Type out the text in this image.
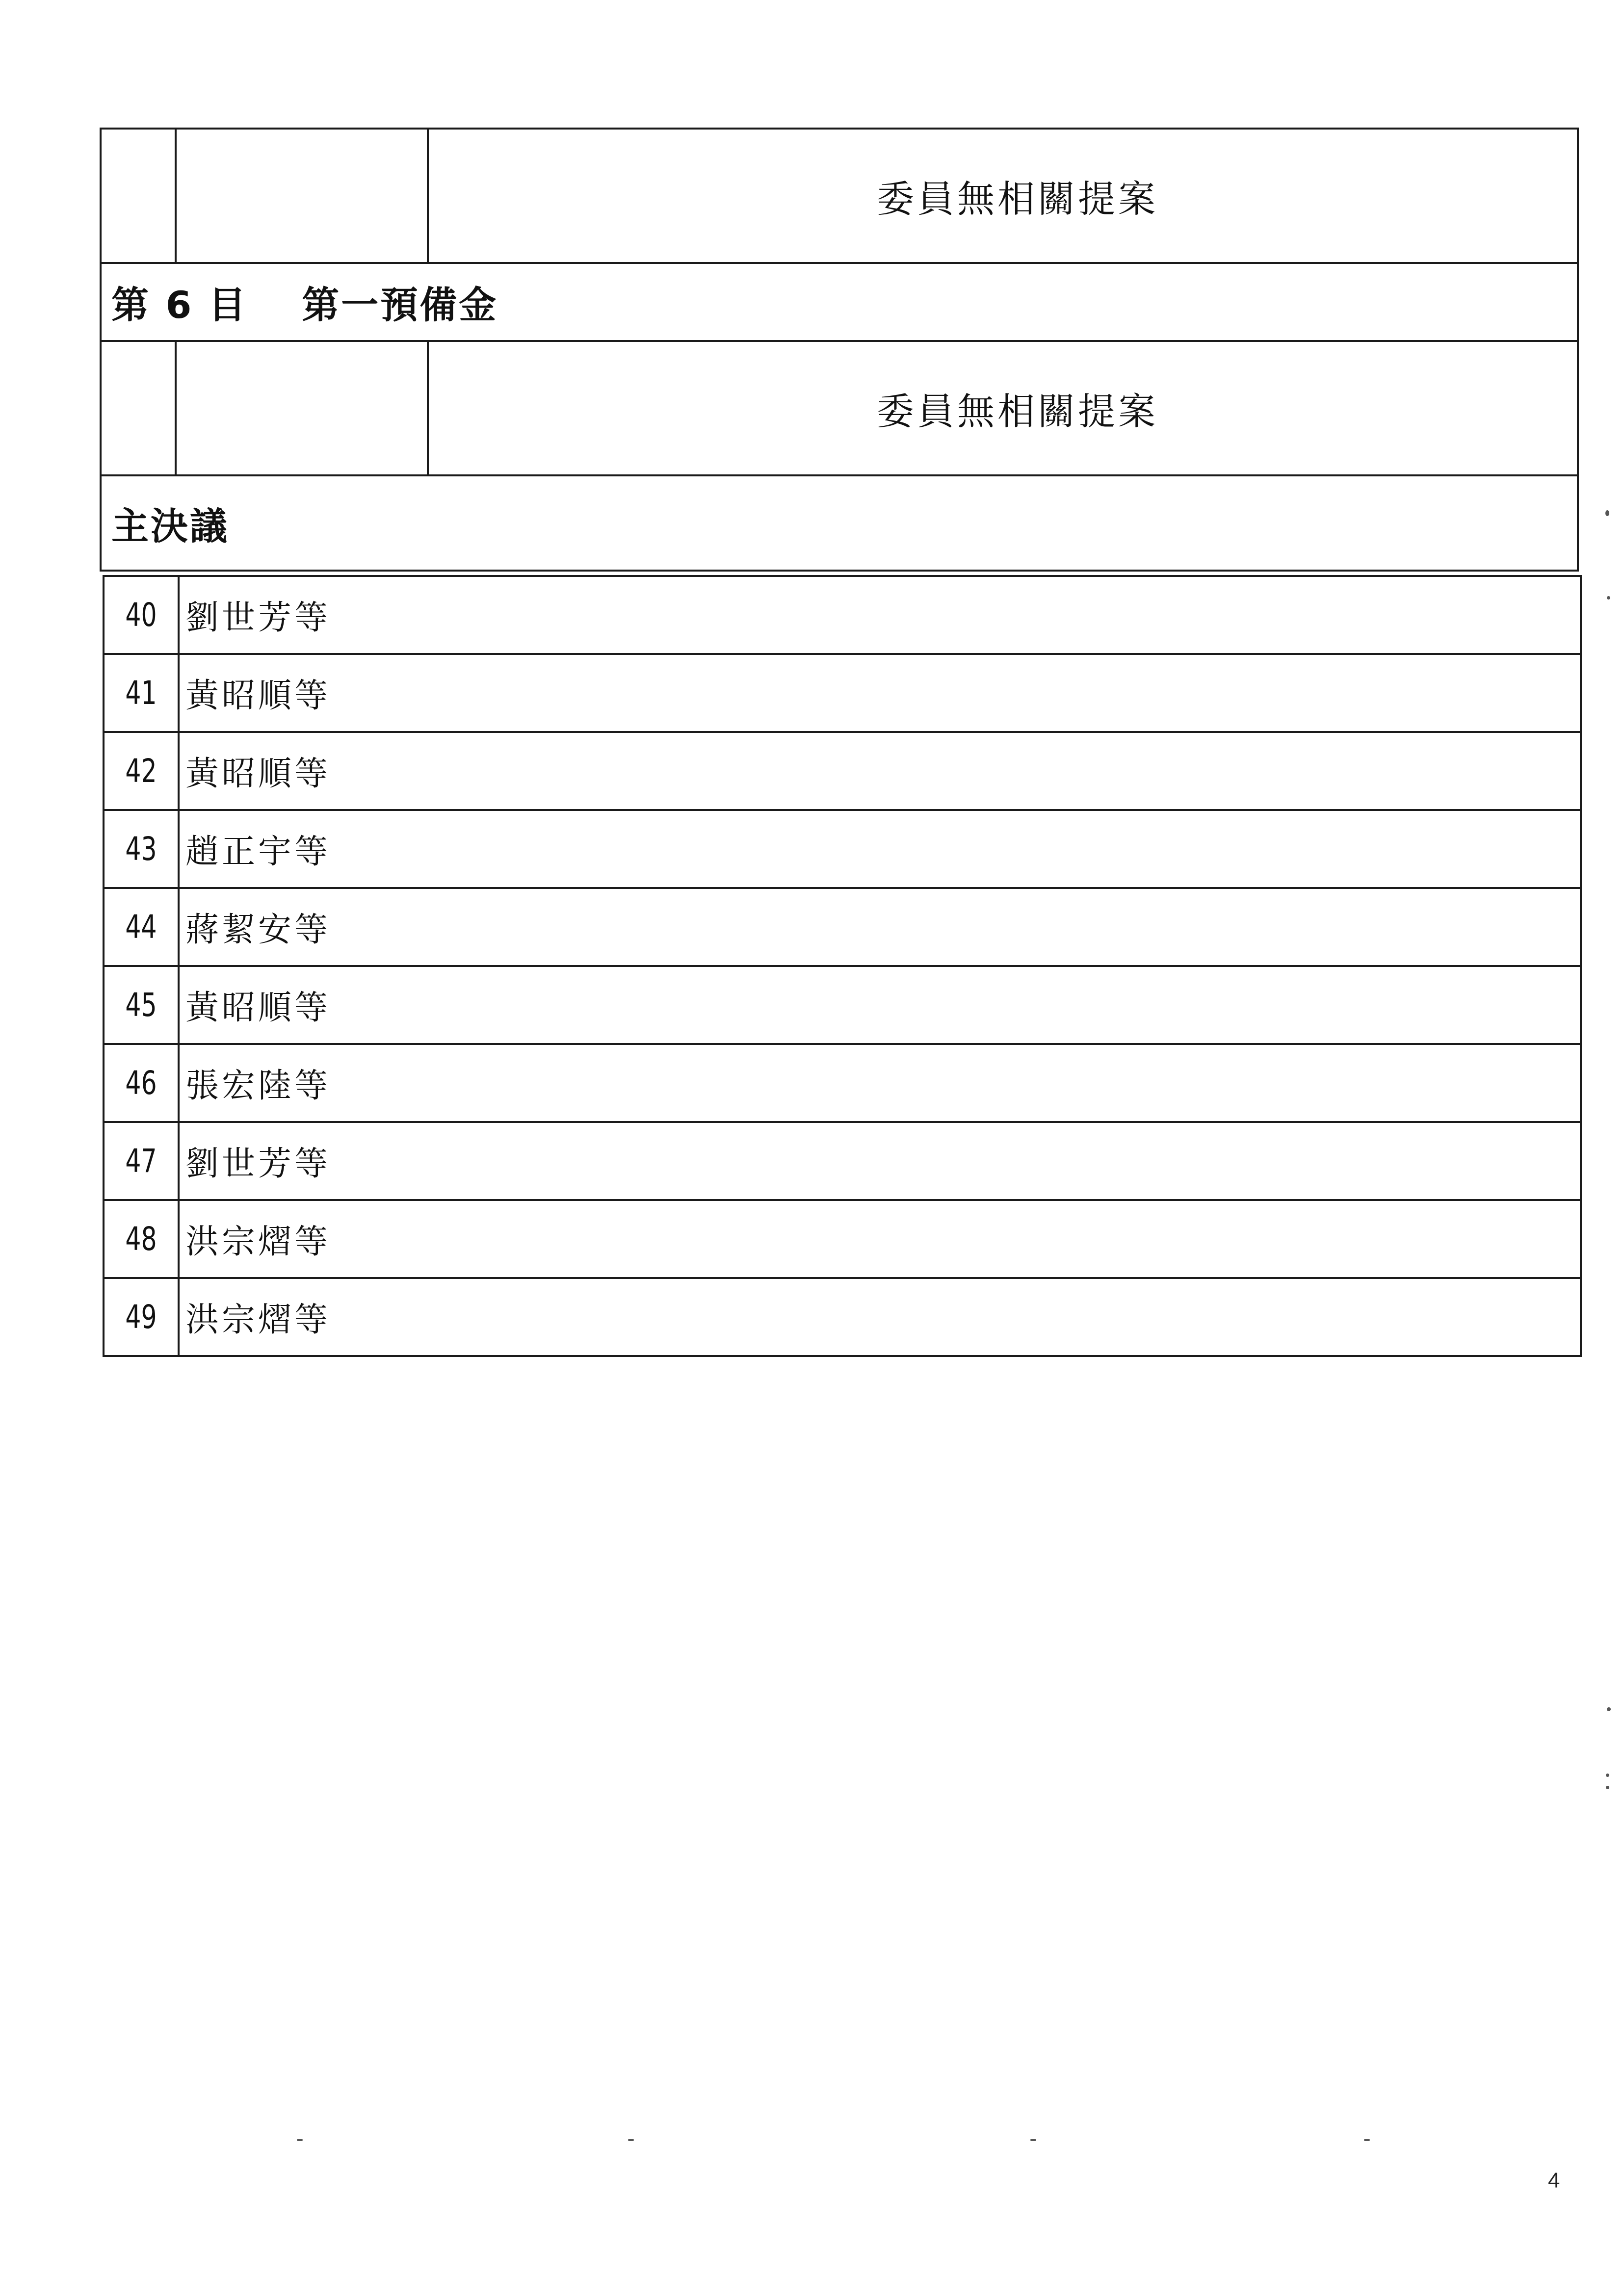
		委員無相關提案

第 6 目　 第一預備金		

		委員無相關提案

主決議		
40	劉世芳等

41	黃昭順等

42	黃昭順等

43	趙正宇等

44	蔣絜安等

45	黃昭順等

46	張宏陸等

47	劉世芳等

48	洪宗熠等

49	洪宗熠等
4
